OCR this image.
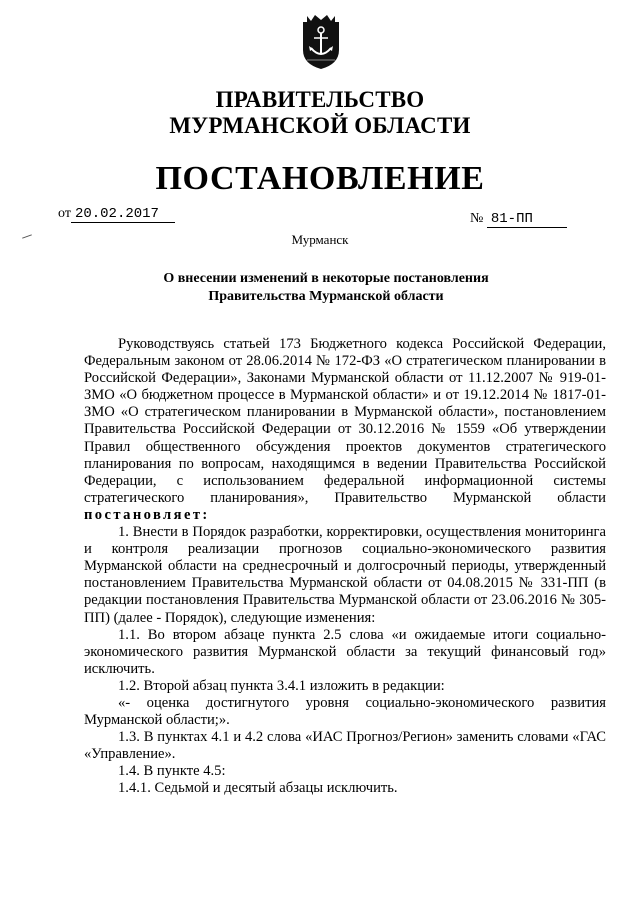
ПРАВИТЕЛЬСТВО
МУРМАНСКОЙ ОБЛАСТИ
ПОСТАНОВЛЕНИЕ
от 20.02.2017	№ 81-ПП
Мурманск
О внесении изменений в некоторые постановления
Правительства Мурманской области

Руководствуясь статьей 173 Бюджетного кодекса Российской Федерации, Федеральным законом от 28.06.2014 № 172-ФЗ «О стратегическом планировании в Российской Федерации», Законами Мурманской области от 11.12.2007 № 919-01-ЗМО «О бюджетном процессе в Мурманской области» и от 19.12.2014 № 1817-01-ЗМО «О стратегическом планировании в Мурманской области», постановлением Правительства Российской Федерации от 30.12.2016 № 1559 «Об утверждении Правил общественного обсуждения проектов документов стратегического планирования по вопросам, находящимся в ведении Правительства Российской Федерации, с использованием федеральной информационной системы стратегического планирования», Правительство Мурманской области постановляет:

1. Внести в Порядок разработки, корректировки, осуществления мониторинга и контроля реализации прогнозов социально-экономического развития Мурманской области на среднесрочный и долгосрочный периоды, утвержденный постановлением Правительства Мурманской области от 04.08.2015 № 331-ПП (в редакции постановления Правительства Мурманской области от 23.06.2016 № 305-ПП) (далее - Порядок), следующие изменения:

1.1. Во втором абзаце пункта 2.5 слова «и ожидаемые итоги социально-экономического развития Мурманской области за текущий финансовый год» исключить.

1.2. Второй абзац пункта 3.4.1 изложить в редакции:

«- оценка достигнутого уровня социально-экономического развития Мурманской области;».

1.3. В пунктах 4.1 и 4.2 слова «ИАС Прогноз/Регион» заменить словами «ГАС «Управление».

1.4. В пункте 4.5:

1.4.1. Седьмой и десятый абзацы исключить.
